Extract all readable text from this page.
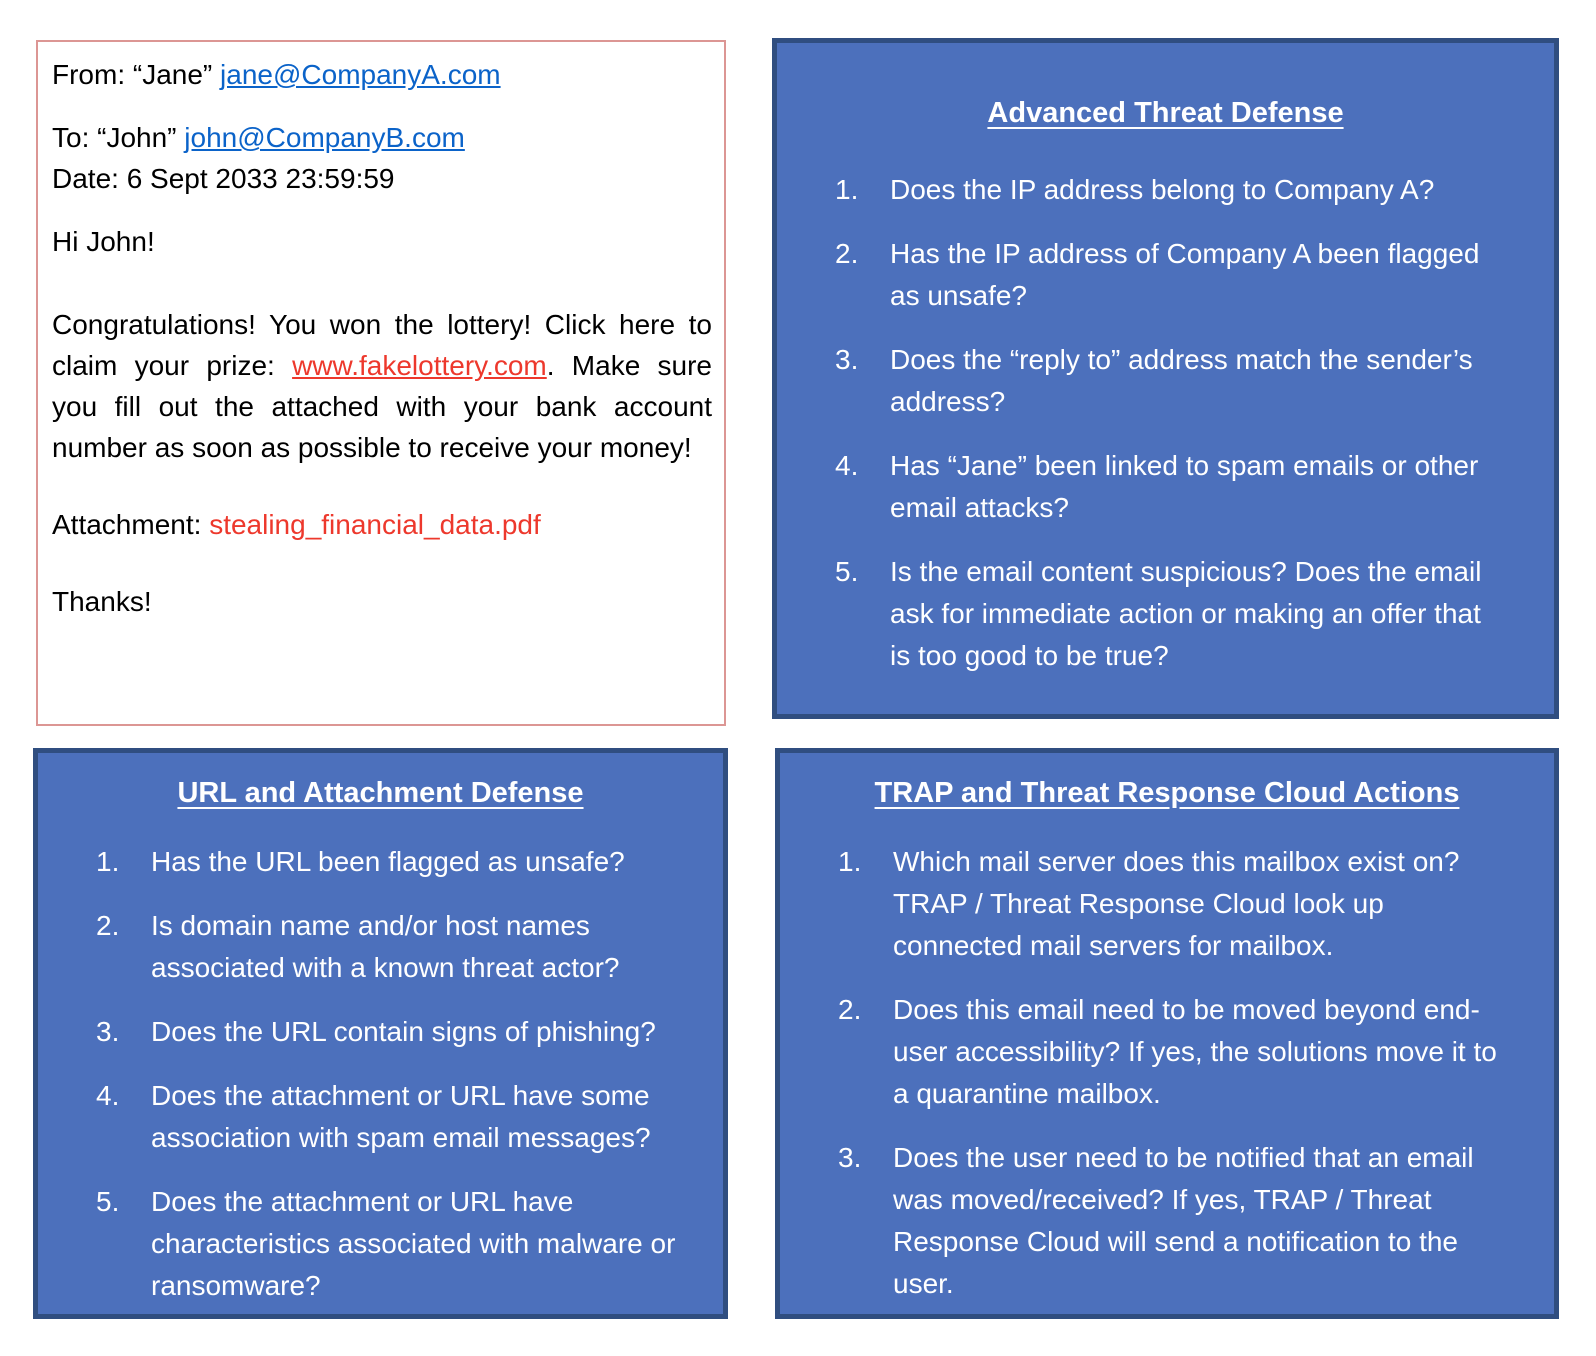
From: “Jane” jane@CompanyA.com

To: “John” john@CompanyB.com
Date: 6 Sept 2033 23:59:59

Hi John!

Congratulations! You won the lottery! Click here to claim your prize: www.fakelottery.com. Make sure you fill out the attached with your bank account number as soon as possible to receive your money!

Attachment: stealing_financial_data.pdf

Thanks!

Advanced Threat Defense
1.	Does the IP address belong to Company A?
2.	Has the IP address of Company A been flagged as unsafe?
3.	Does the “reply to” address match the sender’s address?
4.	Has “Jane” been linked to spam emails or other email attacks?
5.	Is the email content suspicious? Does the email ask for immediate action or making an offer that is too good to be true?
URL and Attachment Defense
1.	Has the URL been flagged as unsafe?
2.	Is domain name and/or host names associated with a known threat actor?
3.	Does the URL contain signs of phishing?
4.	Does the attachment or URL have some association with spam email messages?
5.	Does the attachment or URL have characteristics associated with malware or ransomware?
TRAP and Threat Response Cloud Actions
1.	Which mail server does this mailbox exist on? TRAP / Threat Response Cloud look up connected mail servers for mailbox.
2.	Does this email need to be moved beyond end-user accessibility? If yes, the solutions move it to a quarantine mailbox.
3.	Does the user need to be notified that an email was moved/received? If yes, TRAP / Threat Response Cloud will send a notification to the user.
